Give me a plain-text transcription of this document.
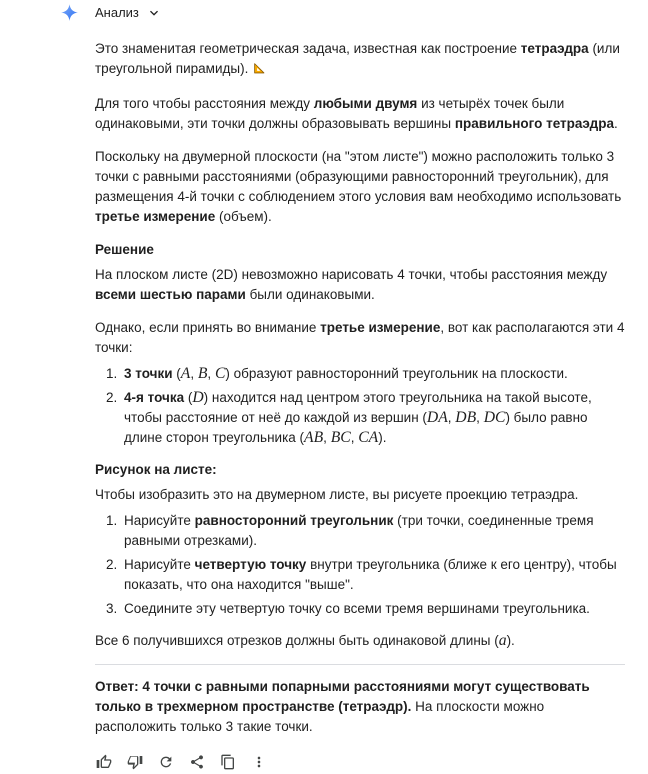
Анализ

Это знаменитая геометрическая задача, известная как построение тетраэдра (или треугольной пирамиды).

Для того чтобы расстояния между любыми двумя из четырёх точек были одинаковыми, эти точки должны образовывать вершины правильного тетраэдра.

Поскольку на двумерной плоскости (на "этом листе") можно расположить только 3 точки с равными расстояниями (образующими равносторонний треугольник), для размещения 4-й точки с соблюдением этого условия вам необходимо использовать третье измерение (объем).

Решение

На плоском листе (2D) невозможно нарисовать 4 точки, чтобы расстояния между всеми шестью парами были одинаковыми.

Однако, если принять во внимание третье измерение, вот как располагаются эти 4 точки:

1. 3 точки (A, B, C) образуют равносторонний треугольник на плоскости.
2. 4-я точка (D) находится над центром этого треугольника на такой высоте, чтобы расстояние от неё до каждой из вершин (DA, DB, DC) было равно длине сторон треугольника (AB, BC, CA).

Рисунок на листе:

Чтобы изобразить это на двумерном листе, вы рисуете проекцию тетраэдра.

1. Нарисуйте равносторонний треугольник (три точки, соединенные тремя равными отрезками).
2. Нарисуйте четвертую точку внутри треугольника (ближе к его центру), чтобы показать, что она находится "выше".
3. Соедините эту четвертую точку со всеми тремя вершинами треугольника.

Все 6 получившихся отрезков должны быть одинаковой длины (a).

Ответ: 4 точки с равными попарными расстояниями могут существовать только в трехмерном пространстве (тетраэдр). На плоскости можно расположить только 3 такие точки.
